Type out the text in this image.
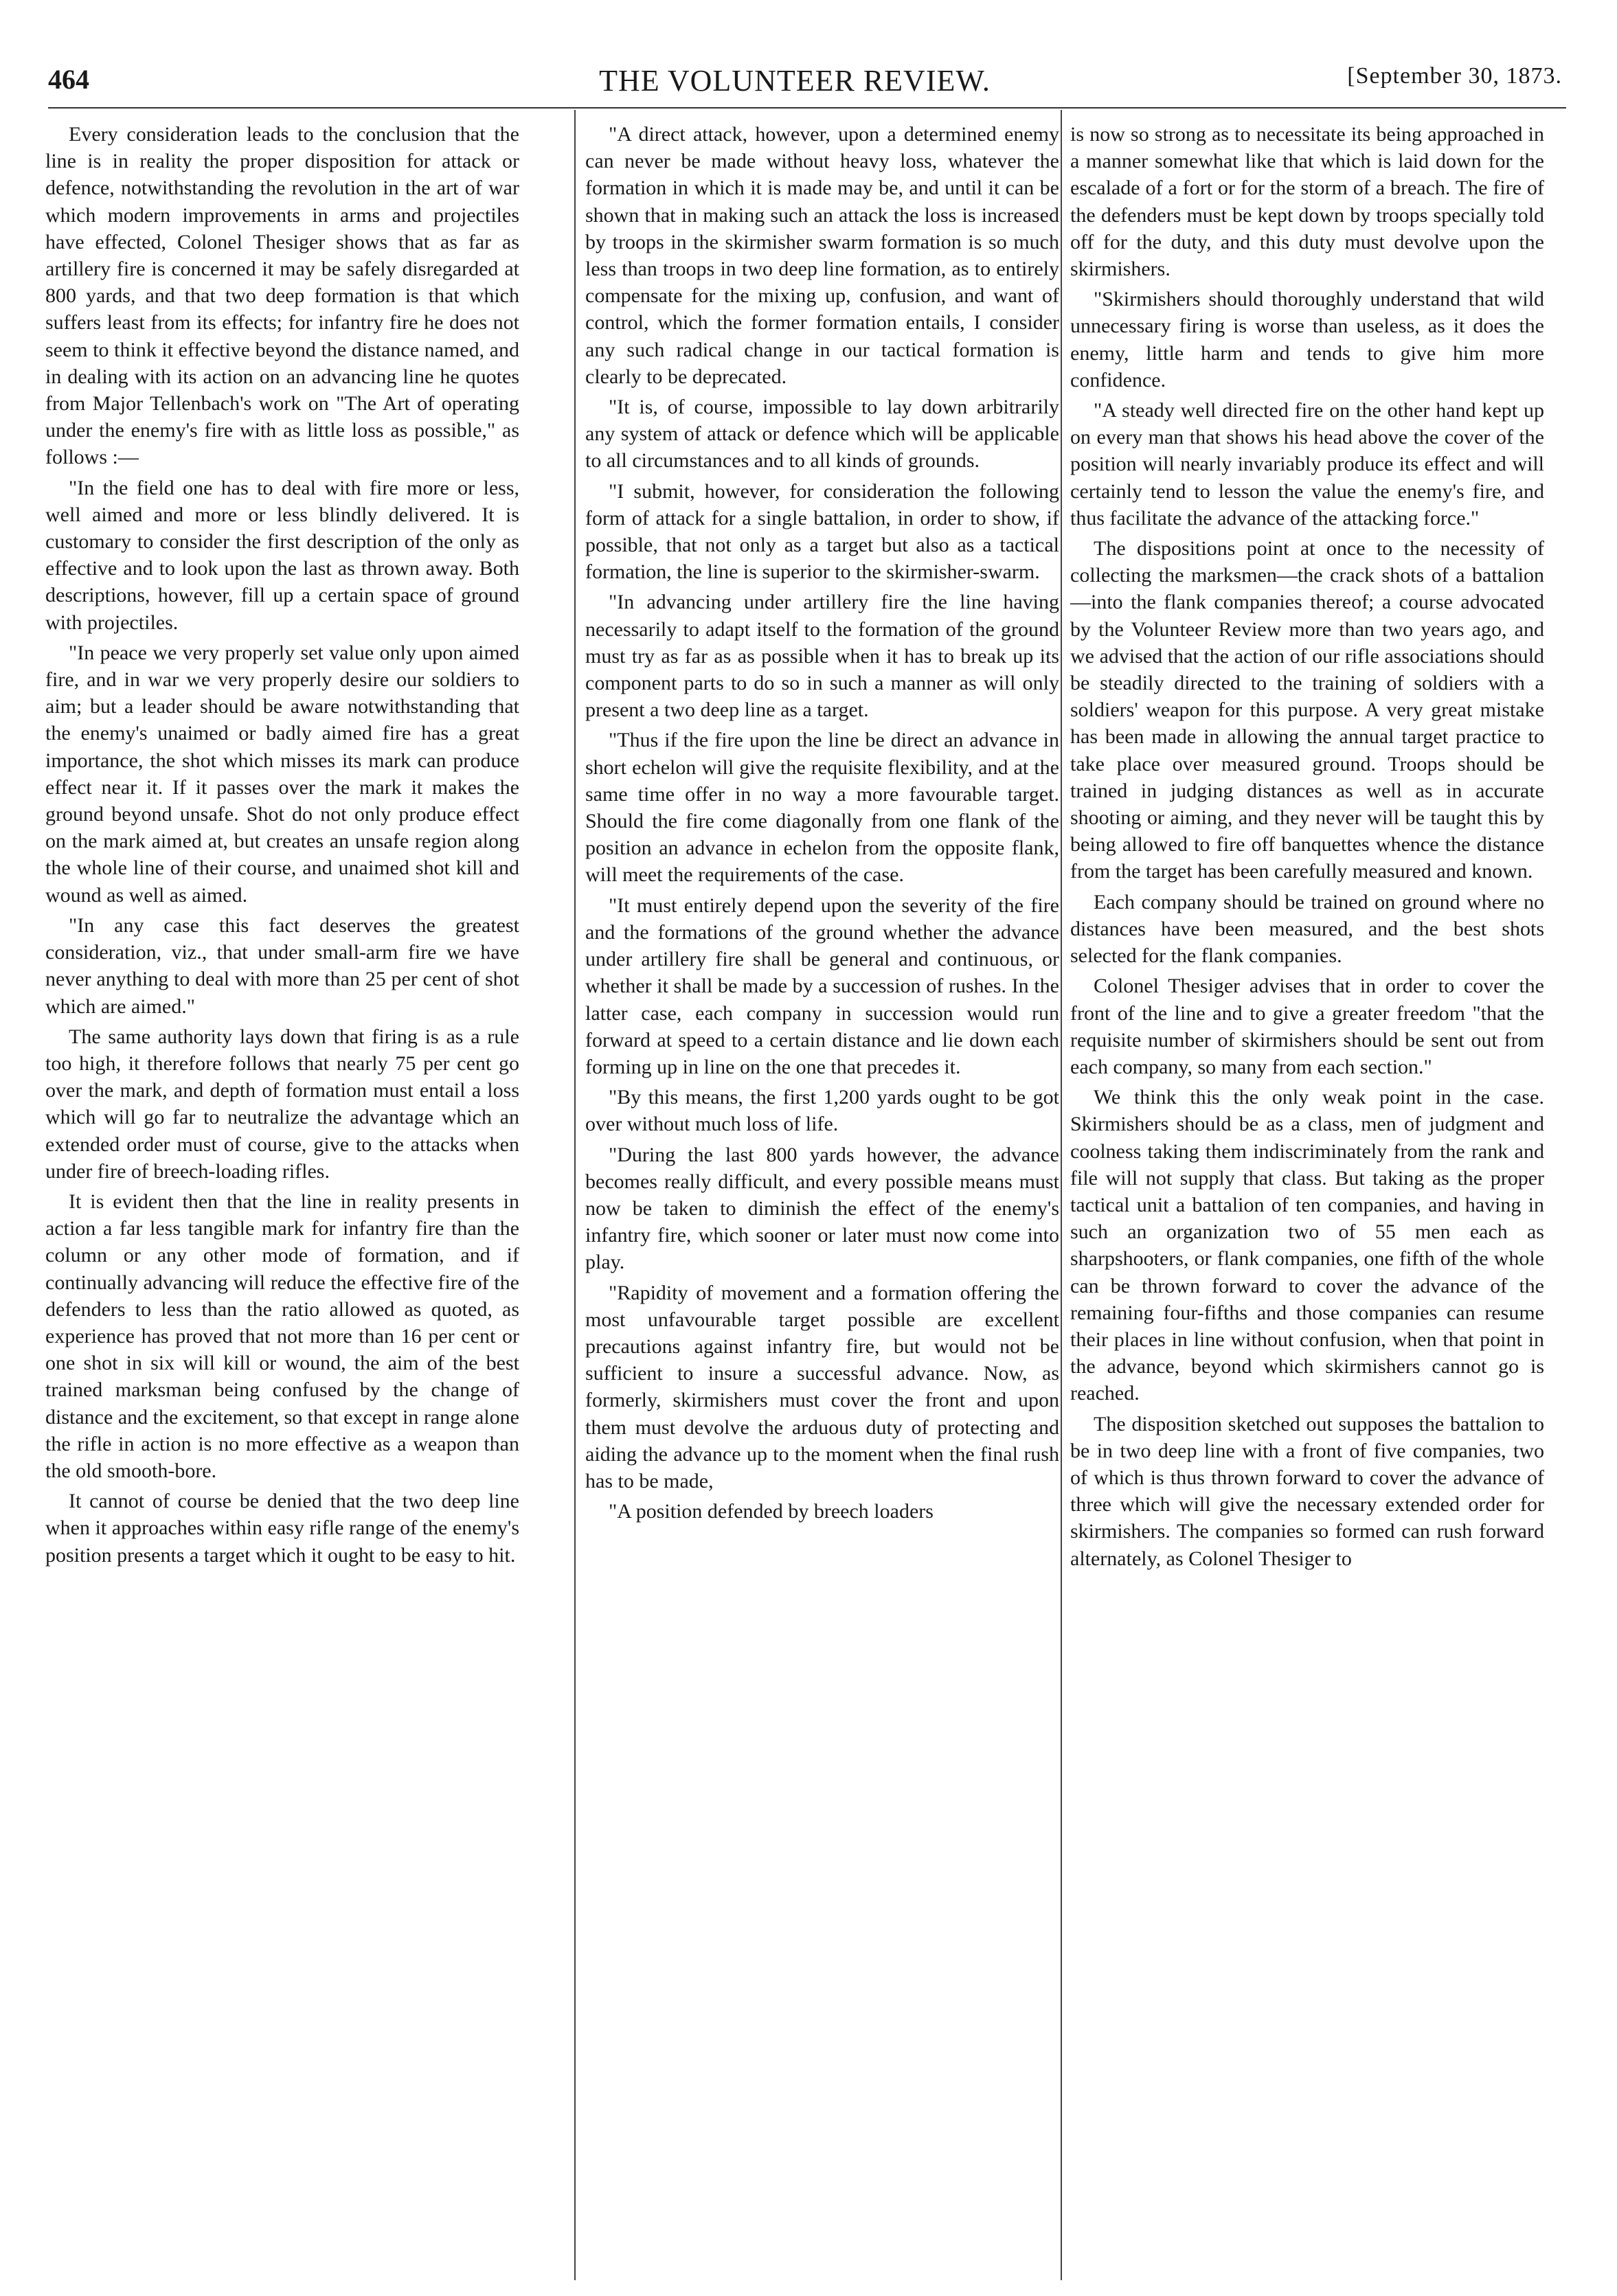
464	THE VOLUNTEER REVIEW.	[September 30, 1873.

Every consideration leads to the conclusion that the line is in reality the proper disposition for attack or defence, notwithstanding the revolution in the art of war which modern improvements in arms and projectiles have effected, Colonel Thesiger shows that as far as artillery fire is concerned it may be safely disregarded at 800 yards, and that two deep formation is that which suffers least from its effects; for infantry fire he does not seem to think it effective beyond the distance named, and in dealing with its action on an advancing line he quotes from Major Tellenbach's work on "The Art of operating under the enemy's fire with as little loss as possible," as follows :—

"In the field one has to deal with fire more or less, well aimed and more or less blindly delivered. It is customary to consider the first description of the only as effective and to look upon the last as thrown away. Both descriptions, however, fill up a certain space of ground with projectiles.

"In peace we very properly set value only upon aimed fire, and in war we very properly desire our soldiers to aim; but a leader should be aware notwithstanding that the enemy's unaimed or badly aimed fire has a great importance, the shot which misses its mark can produce effect near it. If it passes over the mark it makes the ground beyond unsafe. Shot do not only produce effect on the mark aimed at, but creates an unsafe region along the whole line of their course, and unaimed shot kill and wound as well as aimed.

"In any case this fact deserves the greatest consideration, viz., that under small-arm fire we have never anything to deal with more than 25 per cent of shot which are aimed."

The same authority lays down that firing is as a rule too high, it therefore follows that nearly 75 per cent go over the mark, and depth of formation must entail a loss which will go far to neutralize the advantage which an extended order must of course, give to the attacks when under fire of breech-loading rifles.

It is evident then that the line in reality presents in action a far less tangible mark for infantry fire than the column or any other mode of formation, and if continually advancing will reduce the effective fire of the defenders to less than the ratio allowed as quoted, as experience has proved that not more than 16 per cent or one shot in six will kill or wound, the aim of the best trained marksman being confused by the change of distance and the excitement, so that except in range alone the rifle in action is no more effective as a weapon than the old smooth-bore.

It cannot of course be denied that the two deep line when it approaches within easy rifle range of the enemy's position presents a target which it ought to be easy to hit.

"A direct attack, however, upon a determined enemy can never be made without heavy loss, whatever the formation in which it is made may be, and until it can be shown that in making such an attack the loss is increased by troops in the skirmisher swarm formation is so much less than troops in two deep line formation, as to entirely compensate for the mixing up, confusion, and want of control, which the former formation entails, I consider any such radical change in our tactical formation is clearly to be deprecated.

"It is, of course, impossible to lay down arbitrarily any system of attack or defence which will be applicable to all circumstances and to all kinds of grounds.

"I submit, however, for consideration the following form of attack for a single battalion, in order to show, if possible, that not only as a target but also as a tactical formation, the line is superior to the skirmisher-swarm.

"In advancing under artillery fire the line having necessarily to adapt itself to the formation of the ground must try as far as as possible when it has to break up its component parts to do so in such a manner as will only present a two deep line as a target.

"Thus if the fire upon the line be direct an advance in short echelon will give the requisite flexibility, and at the same time offer in no way a more favourable target. Should the fire come diagonally from one flank of the position an advance in echelon from the opposite flank, will meet the requirements of the case.

"It must entirely depend upon the severity of the fire and the formations of the ground whether the advance under artillery fire shall be general and continuous, or whether it shall be made by a succession of rushes. In the latter case, each company in succession would run forward at speed to a certain distance and lie down each forming up in line on the one that precedes it.

"By this means, the first 1,200 yards ought to be got over without much loss of life.

"During the last 800 yards however, the advance becomes really difficult, and every possible means must now be taken to diminish the effect of the enemy's infantry fire, which sooner or later must now come into play.

"Rapidity of movement and a formation offering the most unfavourable target possible are excellent precautions against infantry fire, but would not be sufficient to insure a successful advance. Now, as formerly, skirmishers must cover the front and upon them must devolve the arduous duty of protecting and aiding the advance up to the moment when the final rush has to be made,

"A position defended by breech loaders

is now so strong as to necessitate its being approached in a manner somewhat like that which is laid down for the escalade of a fort or for the storm of a breach. The fire of the defenders must be kept down by troops specially told off for the duty, and this duty must devolve upon the skirmishers.

"Skirmishers should thoroughly understand that wild unnecessary firing is worse than useless, as it does the enemy, little harm and tends to give him more confidence.

"A steady well directed fire on the other hand kept up on every man that shows his head above the cover of the position will nearly invariably produce its effect and will certainly tend to lesson the value the enemy's fire, and thus facilitate the advance of the attacking force."

The dispositions point at once to the necessity of collecting the marksmen—the crack shots of a battalion—into the flank companies thereof; a course advocated by the Volunteer Review more than two years ago, and we advised that the action of our rifle associations should be steadily directed to the training of soldiers with a soldiers' weapon for this purpose. A very great mistake has been made in allowing the annual target practice to take place over measured ground. Troops should be trained in judging distances as well as in accurate shooting or aiming, and they never will be taught this by being allowed to fire off banquettes whence the distance from the target has been carefully measured and known.

Each company should be trained on ground where no distances have been measured, and the best shots selected for the flank companies.

Colonel Thesiger advises that in order to cover the front of the line and to give a greater freedom "that the requisite number of skirmishers should be sent out from each company, so many from each section."

We think this the only weak point in the case. Skirmishers should be as a class, men of judgment and coolness taking them indiscriminately from the rank and file will not supply that class. But taking as the proper tactical unit a battalion of ten companies, and having in such an organization two of 55 men each as sharpshooters, or flank companies, one fifth of the whole can be thrown forward to cover the advance of the remaining four-fifths and those companies can resume their places in line without confusion, when that point in the advance, beyond which skirmishers cannot go is reached.

The disposition sketched out supposes the battalion to be in two deep line with a front of five companies, two of which is thus thrown forward to cover the advance of three which will give the necessary extended order for skirmishers. The companies so formed can rush forward alternately, as Colonel Thesiger to
